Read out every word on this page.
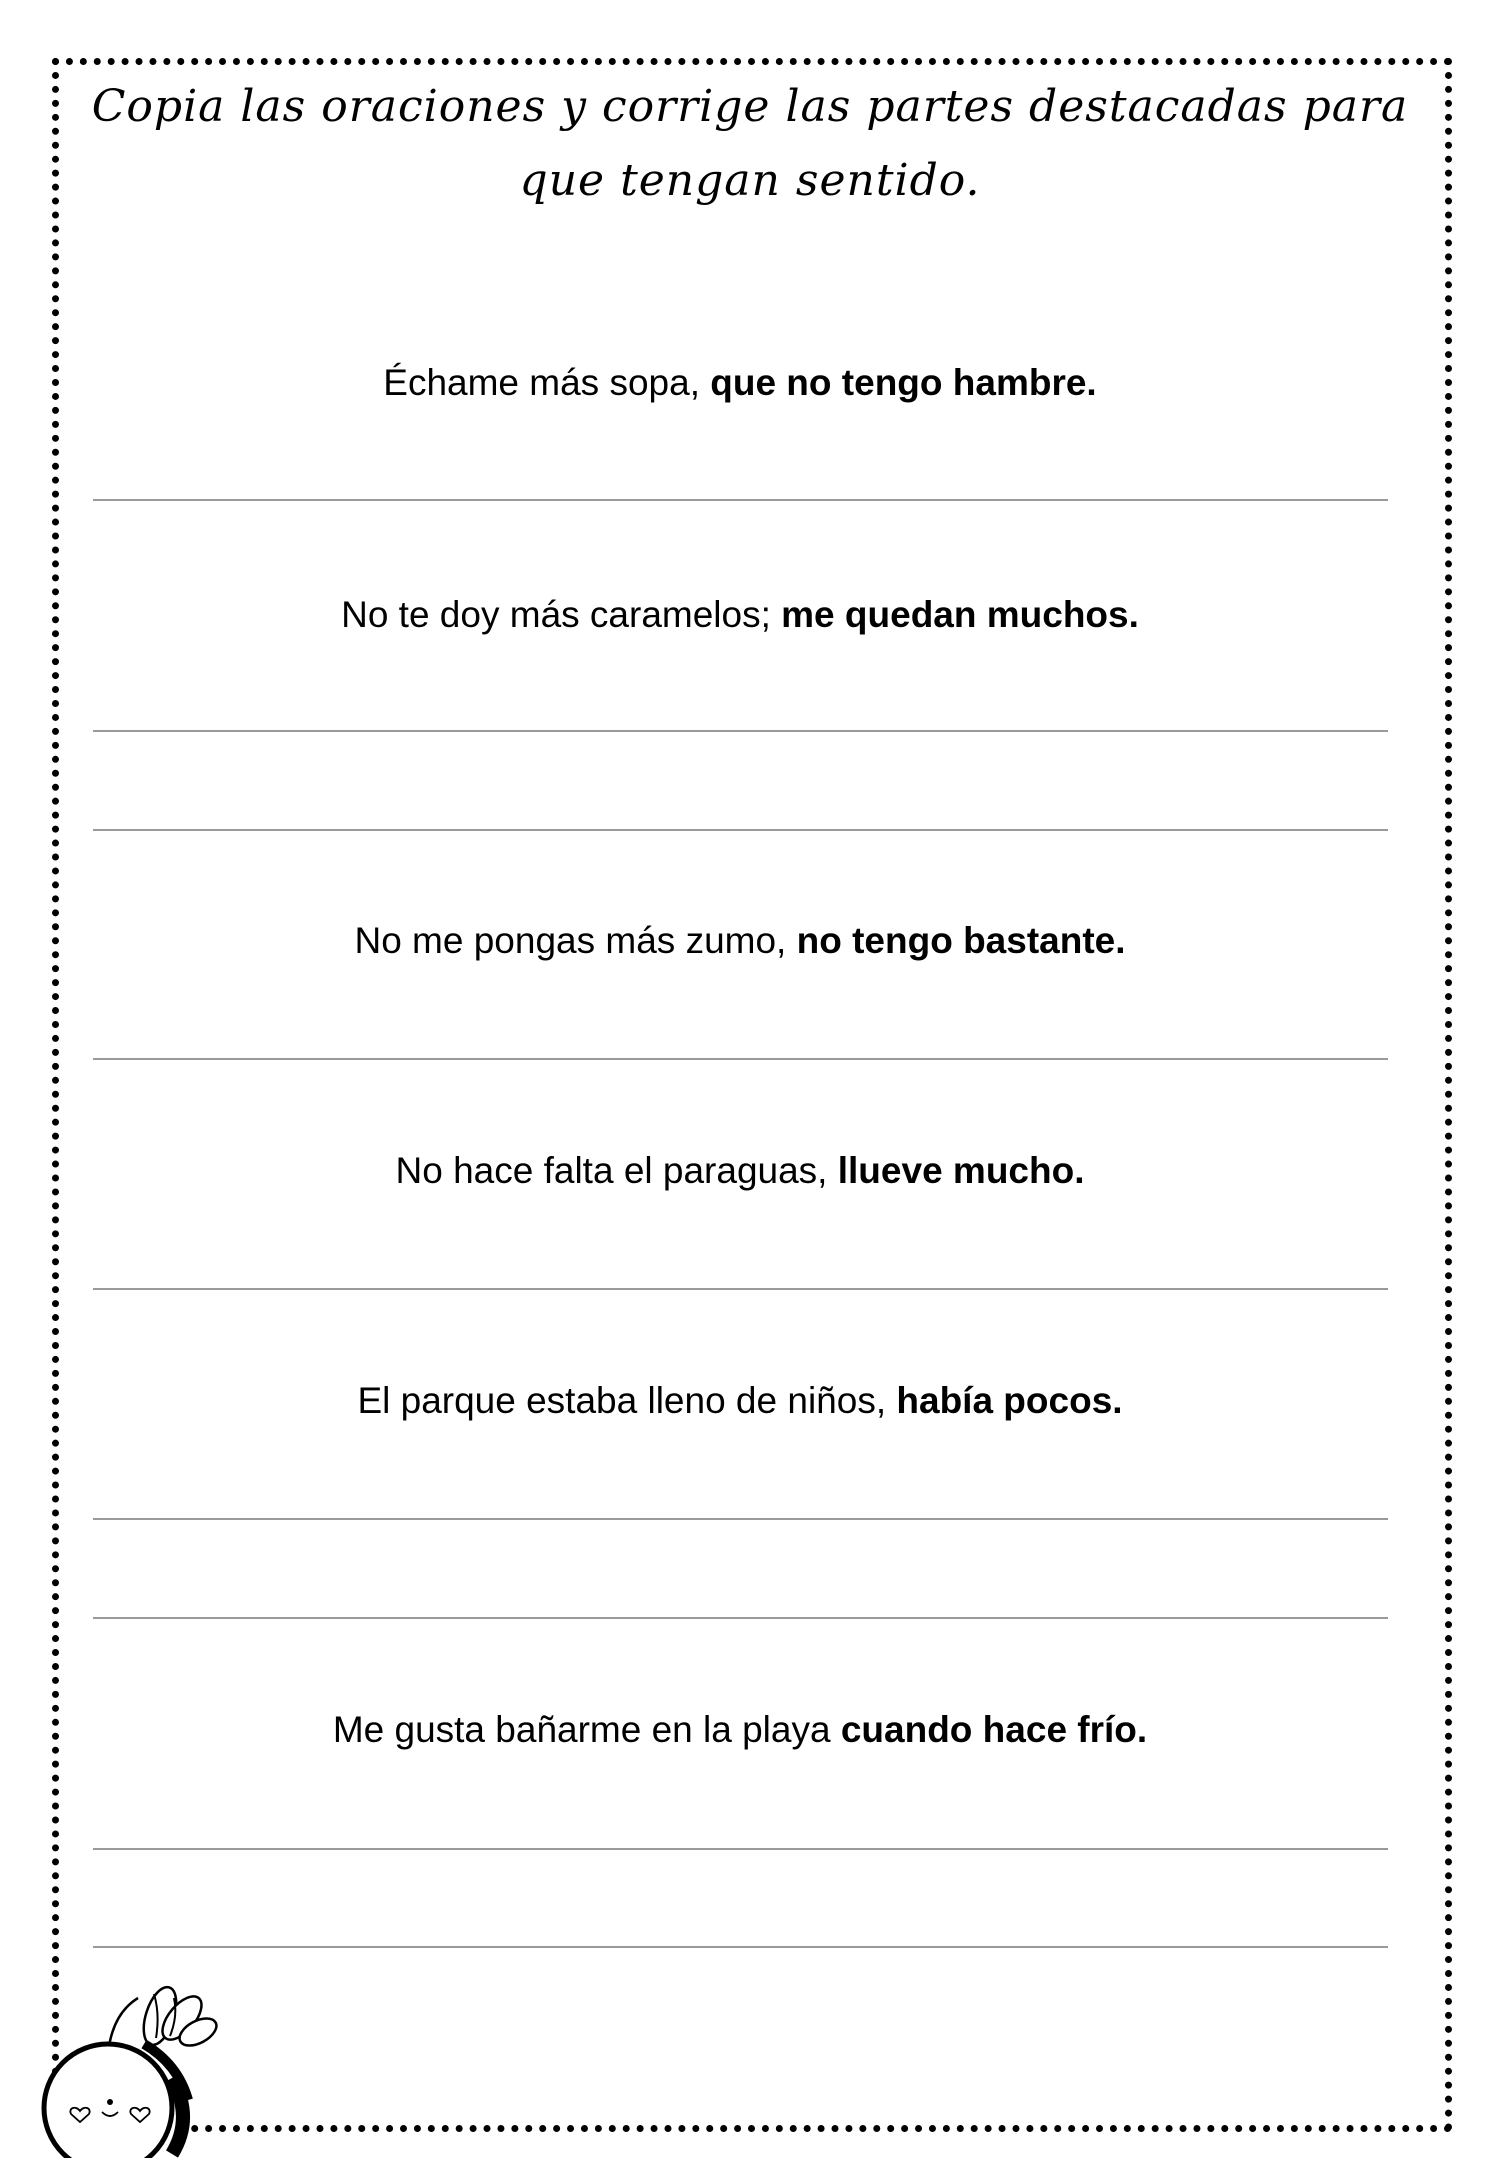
Copia las oraciones y corrige las partes destacadas para que tengan sentido.

Échame más sopa, que no tengo hambre.

No te doy más caramelos; me quedan muchos.

No me pongas más zumo, no tengo bastante.

No hace falta el paraguas, llueve mucho.

El parque estaba lleno de niños, había pocos.

Me gusta bañarme en la playa cuando hace frío.
